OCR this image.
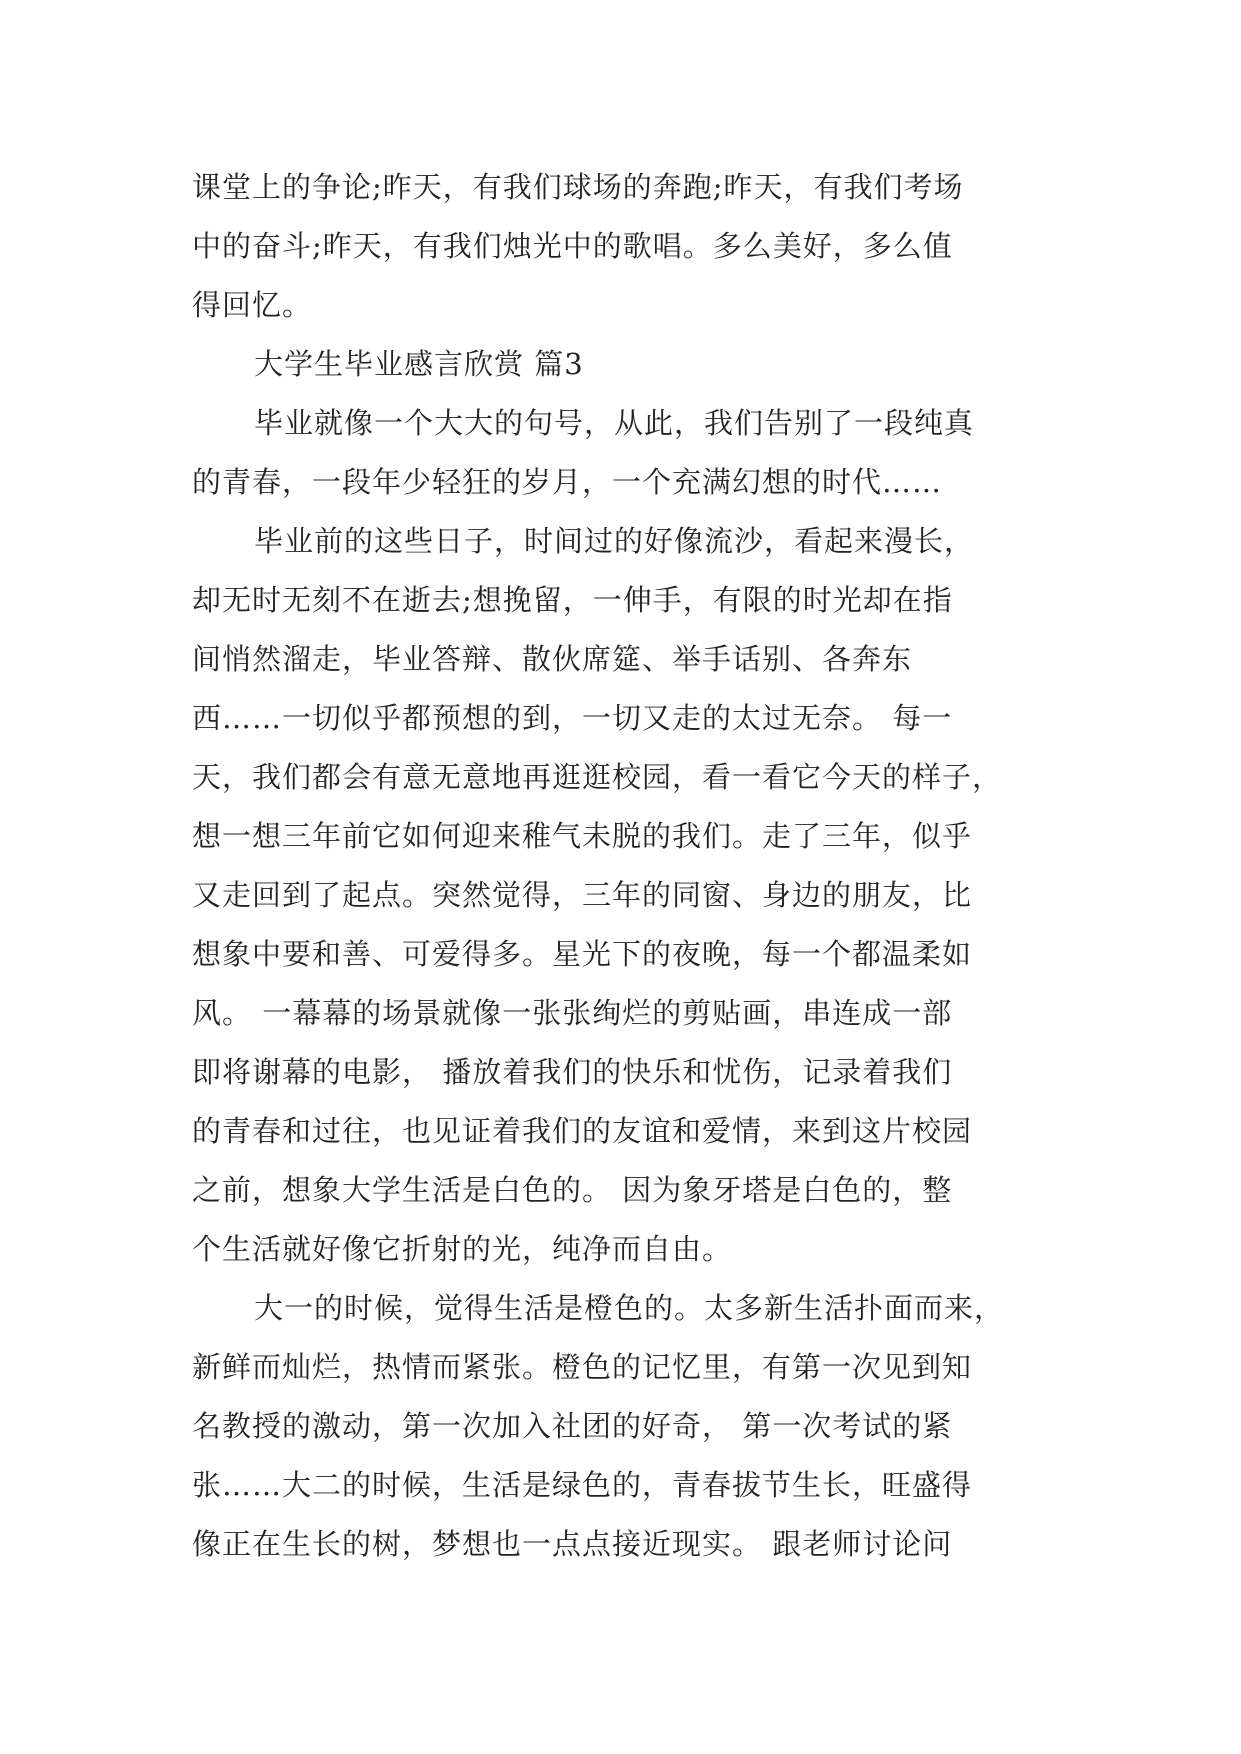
课堂上的争论;昨天，有我们球场的奔跑;昨天，有我们考场
中的奋斗;昨天，有我们烛光中的歌唱。多么美好，多么值
得回忆。
大学生毕业感言欣赏 篇3
毕业就像一个大大的句号，从此，我们告别了一段纯真
的青春，一段年少轻狂的岁月，一个充满幻想的时代……
毕业前的这些日子，时间过的好像流沙，看起来漫长，
却无时无刻不在逝去;想挽留，一伸手，有限的时光却在指
间悄然溜走，毕业答辩、散伙席筵、举手话别、各奔东
西……一切似乎都预想的到，一切又走的太过无奈。 每一
天，我们都会有意无意地再逛逛校园，看一看它今天的样子，
想一想三年前它如何迎来稚气未脱的我们。走了三年，似乎
又走回到了起点。突然觉得，三年的同窗、身边的朋友，比
想象中要和善、可爱得多。星光下的夜晚，每一个都温柔如
风。 一幕幕的场景就像一张张绚烂的剪贴画，串连成一部
即将谢幕的电影， 播放着我们的快乐和忧伤，记录着我们
的青春和过往，也见证着我们的友谊和爱情，来到这片校园
之前，想象大学生活是白色的。 因为象牙塔是白色的，整
个生活就好像它折射的光，纯净而自由。
大一的时候，觉得生活是橙色的。太多新生活扑面而来，
新鲜而灿烂，热情而紧张。橙色的记忆里，有第一次见到知
名教授的激动，第一次加入社团的好奇， 第一次考试的紧
张……大二的时候，生活是绿色的，青春拔节生长，旺盛得
像正在生长的树，梦想也一点点接近现实。 跟老师讨论问
